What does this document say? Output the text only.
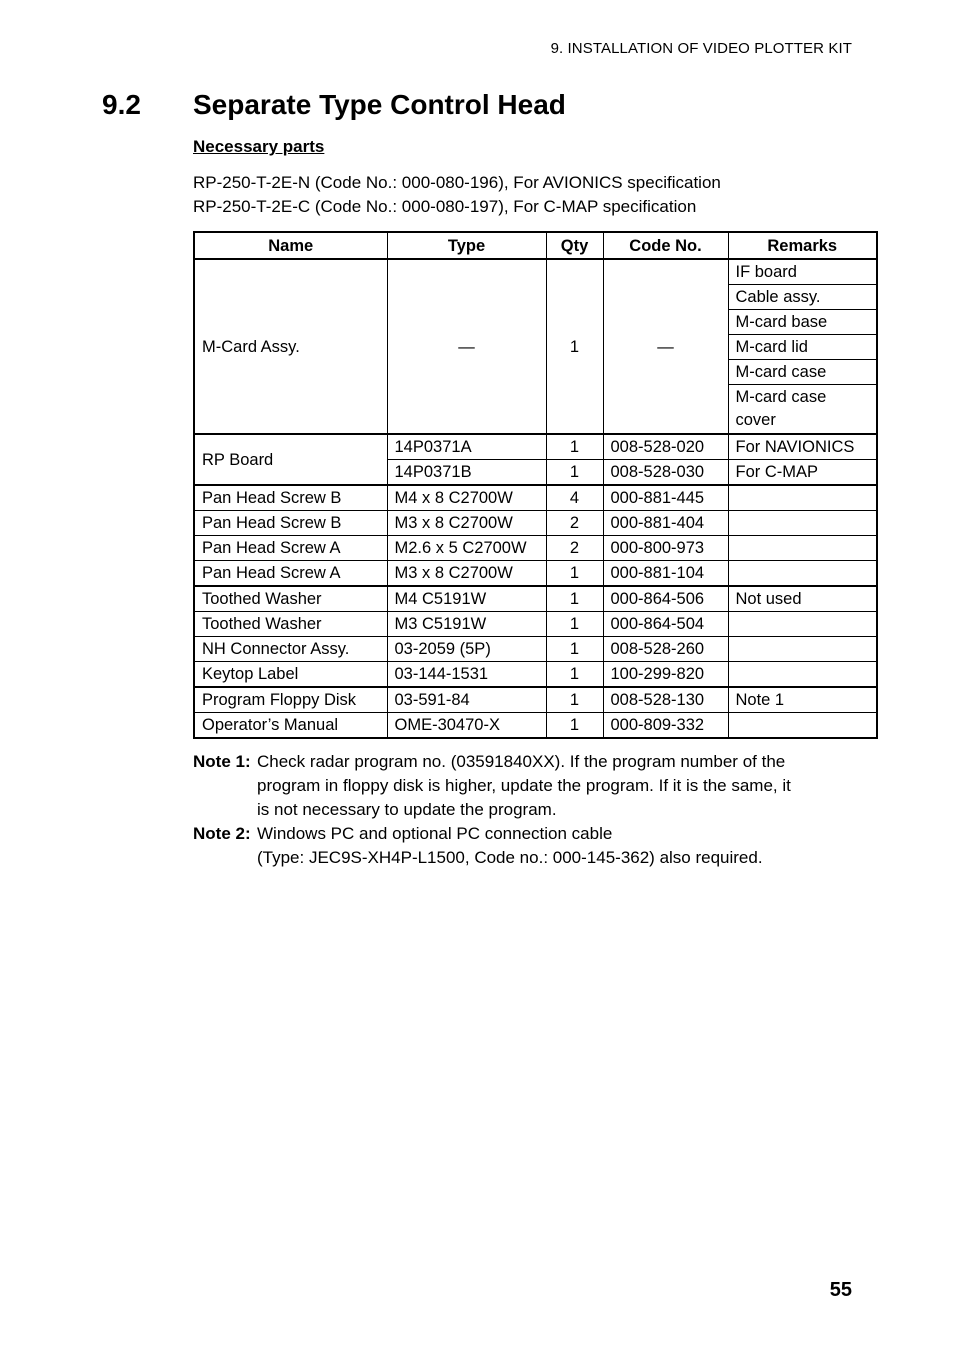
9. INSTALLATION OF VIDEO PLOTTER KIT
9.2 Separate Type Control Head
Necessary parts
RP-250-T-2E-N (Code No.: 000-080-196), For AVIONICS specification
RP-250-T-2E-C (Code No.: 000-080-197), For C-MAP specification
Name	Type	Qty	Code No.	Remarks
M-Card Assy.	—	1	—	IF board
				Cable assy.
				M-card base
				M-card lid
				M-card case
				M-card case cover
RP Board	14P0371A	1	008-528-020	For NAVIONICS
	14P0371B	1	008-528-030	For C-MAP
Pan Head Screw B	M4 x 8 C2700W	4	000-881-445	
Pan Head Screw B	M3 x 8 C2700W	2	000-881-404	
Pan Head Screw A	M2.6 x 5 C2700W	2	000-800-973	
Pan Head Screw A	M3 x 8 C2700W	1	000-881-104	
Toothed Washer	M4 C5191W	1	000-864-506	Not used
Toothed Washer	M3 C5191W	1	000-864-504	
NH Connector Assy.	03-2059 (5P)	1	008-528-260	
Keytop Label	03-144-1531	1	100-299-820	
Program Floppy Disk	03-591-84	1	008-528-130	Note 1
Operator’s Manual	OME-30470-X	1	000-809-332	
Note 1: Check radar program no. (03591840XX). If the program number of the
program in floppy disk is higher, update the program. If it is the same, it
is not necessary to update the program.
Note 2: Windows PC and optional PC connection cable
(Type: JEC9S-XH4P-L1500, Code no.: 000-145-362) also required.
55
